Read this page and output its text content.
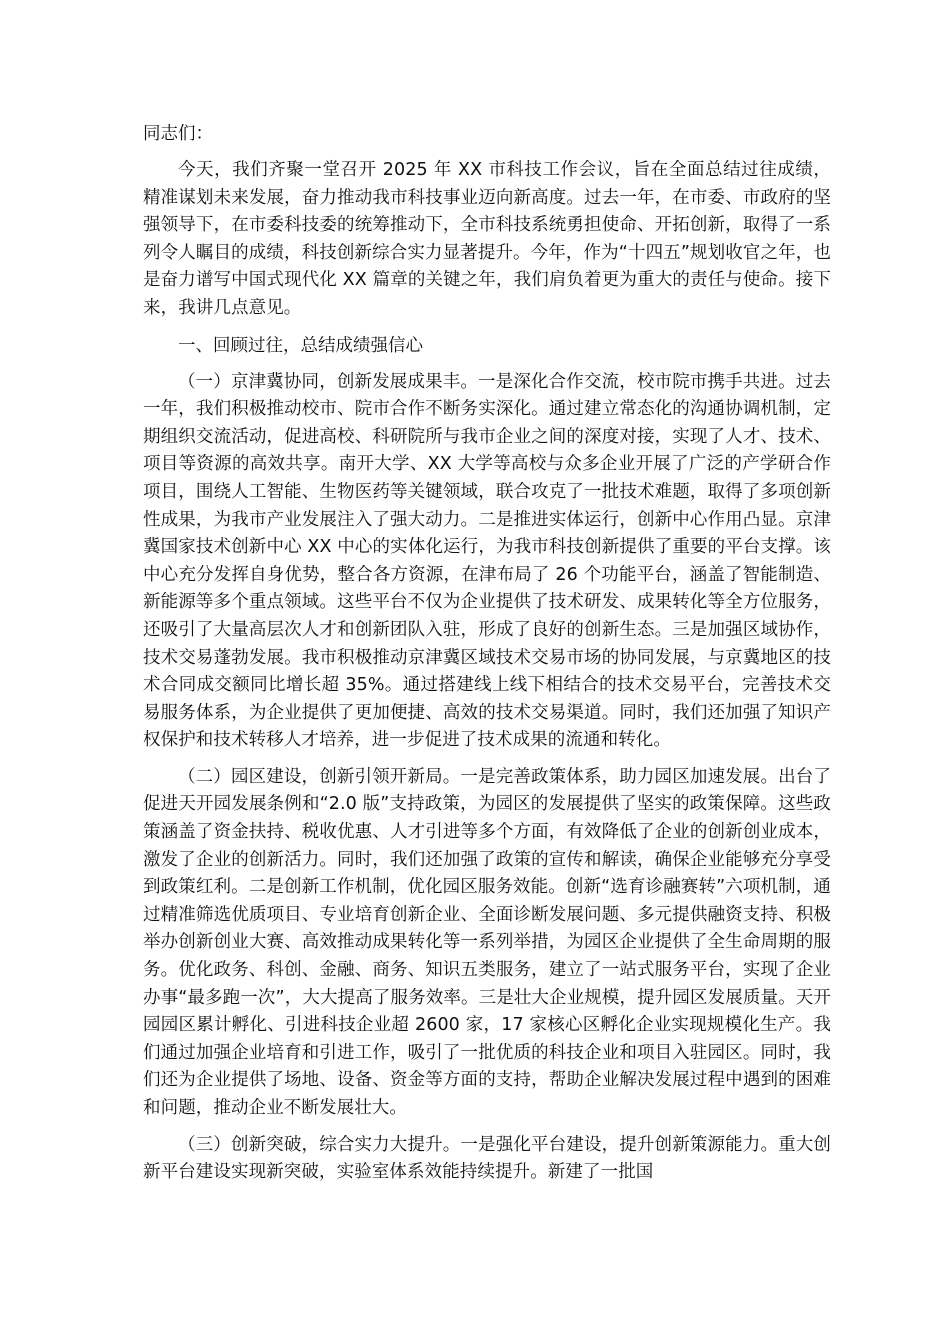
同志们：

今天，我们齐聚一堂召开 2025 年 XX 市科技工作会议，旨在全面总结过往成绩，精准谋划未来发展，奋力推动我市科技事业迈向新高度。过去一年，在市委、市政府的坚强领导下，在市委科技委的统筹推动下，全市科技系统勇担使命、开拓创新，取得了一系列令人瞩目的成绩，科技创新综合实力显著提升。今年，作为“十四五”规划收官之年，也是奋力谱写中国式现代化 XX 篇章的关键之年，我们肩负着更为重大的责任与使命。接下来，我讲几点意见。

一、回顾过往，总结成绩强信心

（一）京津冀协同，创新发展成果丰。一是深化合作交流，校市院市携手共进。过去一年，我们积极推动校市、院市合作不断务实深化。通过建立常态化的沟通协调机制，定期组织交流活动，促进高校、科研院所与我市企业之间的深度对接，实现了人才、技术、项目等资源的高效共享。南开大学、XX 大学等高校与众多企业开展了广泛的产学研合作项目，围绕人工智能、生物医药等关键领域，联合攻克了一批技术难题，取得了多项创新性成果，为我市产业发展注入了强大动力。二是推进实体运行，创新中心作用凸显。京津冀国家技术创新中心 XX 中心的实体化运行，为我市科技创新提供了重要的平台支撑。该中心充分发挥自身优势，整合各方资源，在津布局了 26 个功能平台，涵盖了智能制造、新能源等多个重点领域。这些平台不仅为企业提供了技术研发、成果转化等全方位服务，还吸引了大量高层次人才和创新团队入驻，形成了良好的创新生态。三是加强区域协作，技术交易蓬勃发展。我市积极推动京津冀区域技术交易市场的协同发展，与京冀地区的技术合同成交额同比增长超 35%。通过搭建线上线下相结合的技术交易平台，完善技术交易服务体系，为企业提供了更加便捷、高效的技术交易渠道。同时，我们还加强了知识产权保护和技术转移人才培养，进一步促进了技术成果的流通和转化。

（二）园区建设，创新引领开新局。一是完善政策体系，助力园区加速发展。出台了促进天开园发展条例和“2.0 版”支持政策，为园区的发展提供了坚实的政策保障。这些政策涵盖了资金扶持、税收优惠、人才引进等多个方面，有效降低了企业的创新创业成本，激发了企业的创新活力。同时，我们还加强了政策的宣传和解读，确保企业能够充分享受到政策红利。二是创新工作机制，优化园区服务效能。创新“选育诊融赛转”六项机制，通过精准筛选优质项目、专业培育创新企业、全面诊断发展问题、多元提供融资支持、积极举办创新创业大赛、高效推动成果转化等一系列举措，为园区企业提供了全生命周期的服务。优化政务、科创、金融、商务、知识五类服务，建立了一站式服务平台，实现了企业办事“最多跑一次”，大大提高了服务效率。三是壮大企业规模，提升园区发展质量。天开园园区累计孵化、引进科技企业超 2600 家，17 家核心区孵化企业实现规模化生产。我们通过加强企业培育和引进工作，吸引了一批优质的科技企业和项目入驻园区。同时，我们还为企业提供了场地、设备、资金等方面的支持，帮助企业解决发展过程中遇到的困难和问题，推动企业不断发展壮大。

（三）创新突破，综合实力大提升。一是强化平台建设，提升创新策源能力。重大创新平台建设实现新突破，实验室体系效能持续提升。新建了一批国
